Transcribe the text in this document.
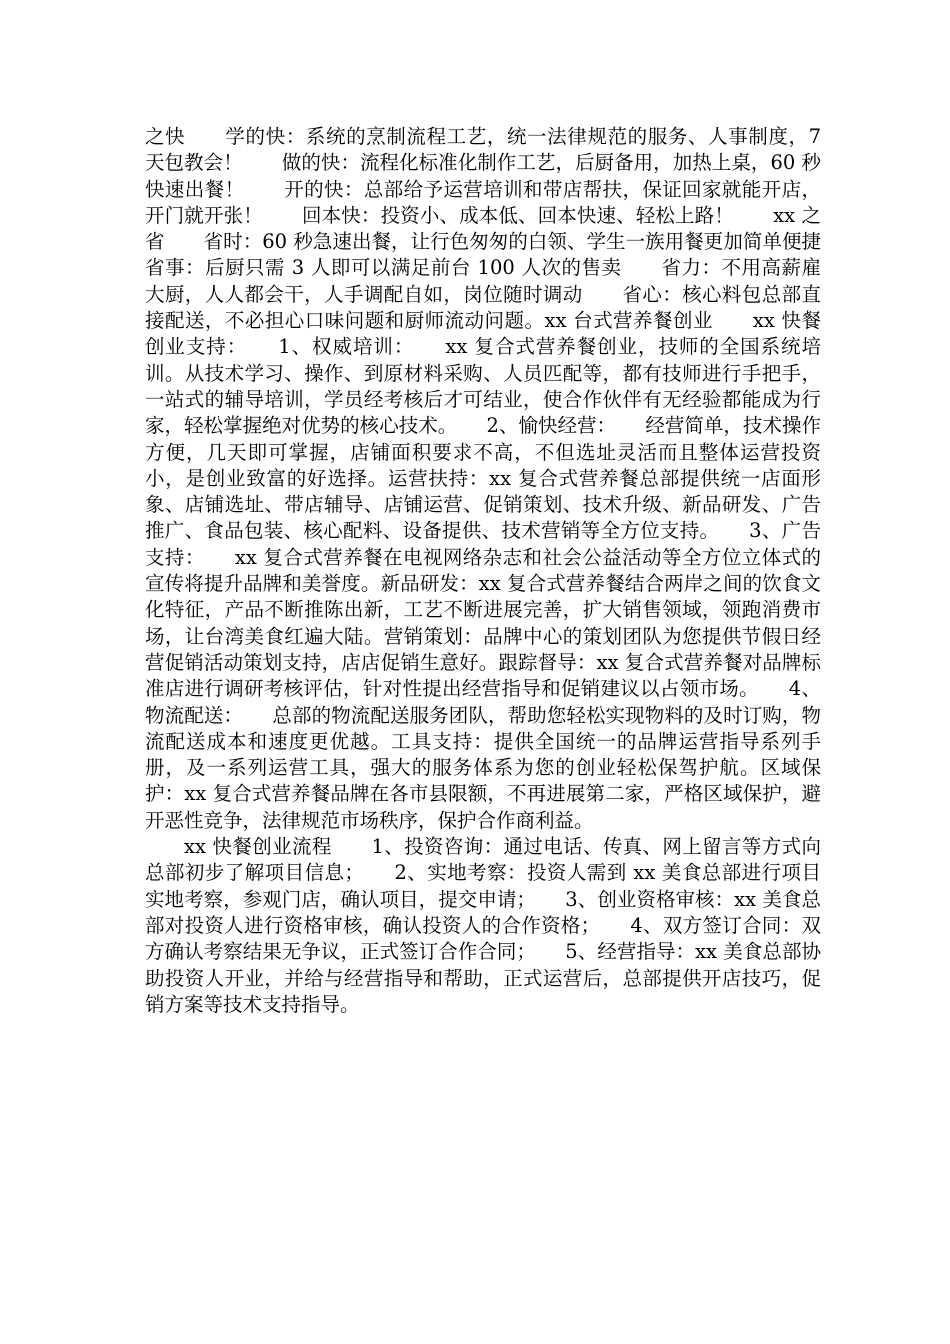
之快　　学的快：系统的烹制流程工艺，统一法律规范的服务、人事制度，7 天包教会！　　做的快：流程化标准化制作工艺，后厨备用，加热上桌，60 秒快速出餐！　　开的快：总部给予运营培训和带店帮扶，保证回家就能开店，开门就开张！　　回本快：投资小、成本低、回本快速、轻松上路！　　xx 之省　　省时：60 秒急速出餐，让行色匆匆的白领、学生一族用餐更加简单便捷　　省事：后厨只需 3 人即可以满足前台 100 人次的售卖　　省力：不用高薪雇大厨，人人都会干，人手调配自如，岗位随时调动　　省心：核心料包总部直接配送，不必担心口味问题和厨师流动问题。xx 台式营养餐创业　　xx 快餐创业支持：　　1、权威培训：　　xx 复合式营养餐创业，技师的全国系统培训。从技术学习、操作、到原材料采购、人员匹配等，都有技师进行手把手，一站式的辅导培训，学员经考核后才可结业，使合作伙伴有无经验都能成为行家，轻松掌握绝对优势的核心技术。　　2、愉快经营：　　经营简单，技术操作方便，几天即可掌握，店铺面积要求不高，不但选址灵活而且整体运营投资小，是创业致富的好选择。运营扶持：xx 复合式营养餐总部提供统一店面形象、店铺选址、带店辅导、店铺运营、促销策划、技术升级、新品研发、广告推广、食品包装、核心配料、设备提供、技术营销等全方位支持。　　3、广告支持：　　xx 复合式营养餐在电视网络杂志和社会公益活动等全方位立体式的宣传将提升品牌和美誉度。新品研发：xx 复合式营养餐结合两岸之间的饮食文化特征，产品不断推陈出新，工艺不断进展完善，扩大销售领域，领跑消费市场，让台湾美食红遍大陆。营销策划：品牌中心的策划团队为您提供节假日经营促销活动策划支持，店店促销生意好。跟踪督导：xx 复合式营养餐对品牌标准店进行调研考核评估，针对性提出经营指导和促销建议以占领市场。　　4、物流配送：　　总部的物流配送服务团队，帮助您轻松实现物料的及时订购，物流配送成本和速度更优越。工具支持：提供全国统一的品牌运营指导系列手册，及一系列运营工具，强大的服务体系为您的创业轻松保驾护航。区域保护：xx 复合式营养餐品牌在各市县限额，不再进展第二家，严格区域保护，避开恶性竞争，法律规范市场秩序，保护合作商利益。

xx 快餐创业流程　　1、投资咨询：通过电话、传真、网上留言等方式向总部初步了解项目信息；　　2、实地考察：投资人需到 xx 美食总部进行项目实地考察，参观门店，确认项目，提交申请；　　3、创业资格审核：xx 美食总部对投资人进行资格审核，确认投资人的合作资格；　　4、双方签订合同：双方确认考察结果无争议，正式签订合作合同；　　5、经营指导：xx 美食总部协助投资人开业，并给与经营指导和帮助，正式运营后，总部提供开店技巧，促销方案等技术支持指导。
